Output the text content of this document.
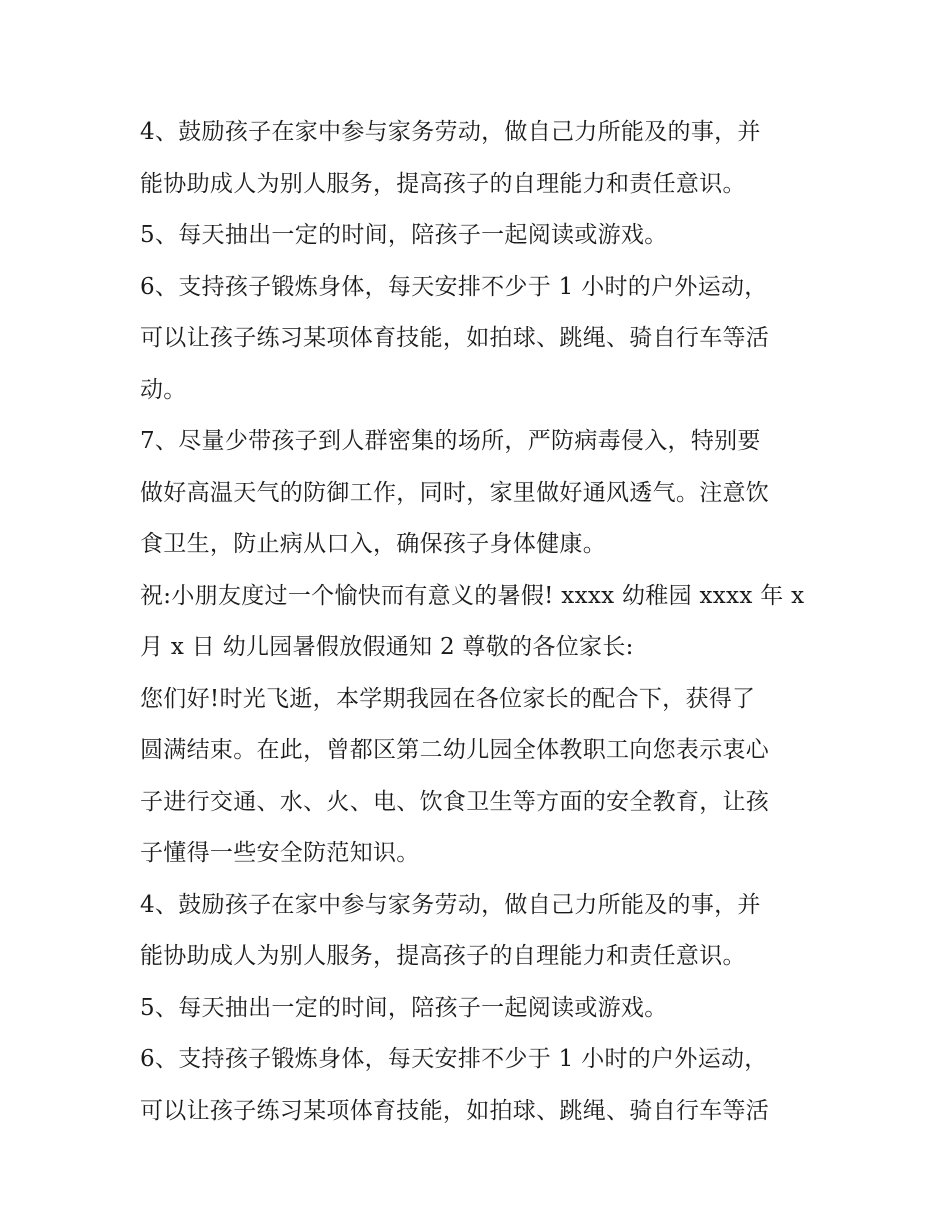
4、鼓励孩子在家中参与家务劳动，做自己力所能及的事，并
能协助成人为别人服务，提高孩子的自理能力和责任意识。
5、每天抽出一定的时间，陪孩子一起阅读或游戏。
6、支持孩子锻炼身体，每天安排不少于 1 小时的户外运动，
可以让孩子练习某项体育技能，如拍球、跳绳、骑自行车等活
动。
7、尽量少带孩子到人群密集的场所，严防病毒侵入，特别要
做好高温天气的防御工作，同时，家里做好通风透气。注意饮
食卫生，防止病从口入，确保孩子身体健康。
祝:小朋友度过一个愉快而有意义的暑假! xxxx 幼稚园 xxxx 年 x
月 x 日 幼儿园暑假放假通知 2 尊敬的各位家长:
您们好!时光飞逝，本学期我园在各位家长的配合下，获得了
圆满结束。在此，曾都区第二幼儿园全体教职工向您表示衷心
子进行交通、水、火、电、饮食卫生等方面的安全教育，让孩
子懂得一些安全防范知识。
4、鼓励孩子在家中参与家务劳动，做自己力所能及的事，并
能协助成人为别人服务，提高孩子的自理能力和责任意识。
5、每天抽出一定的时间，陪孩子一起阅读或游戏。
6、支持孩子锻炼身体，每天安排不少于 1 小时的户外运动，
可以让孩子练习某项体育技能，如拍球、跳绳、骑自行车等活
